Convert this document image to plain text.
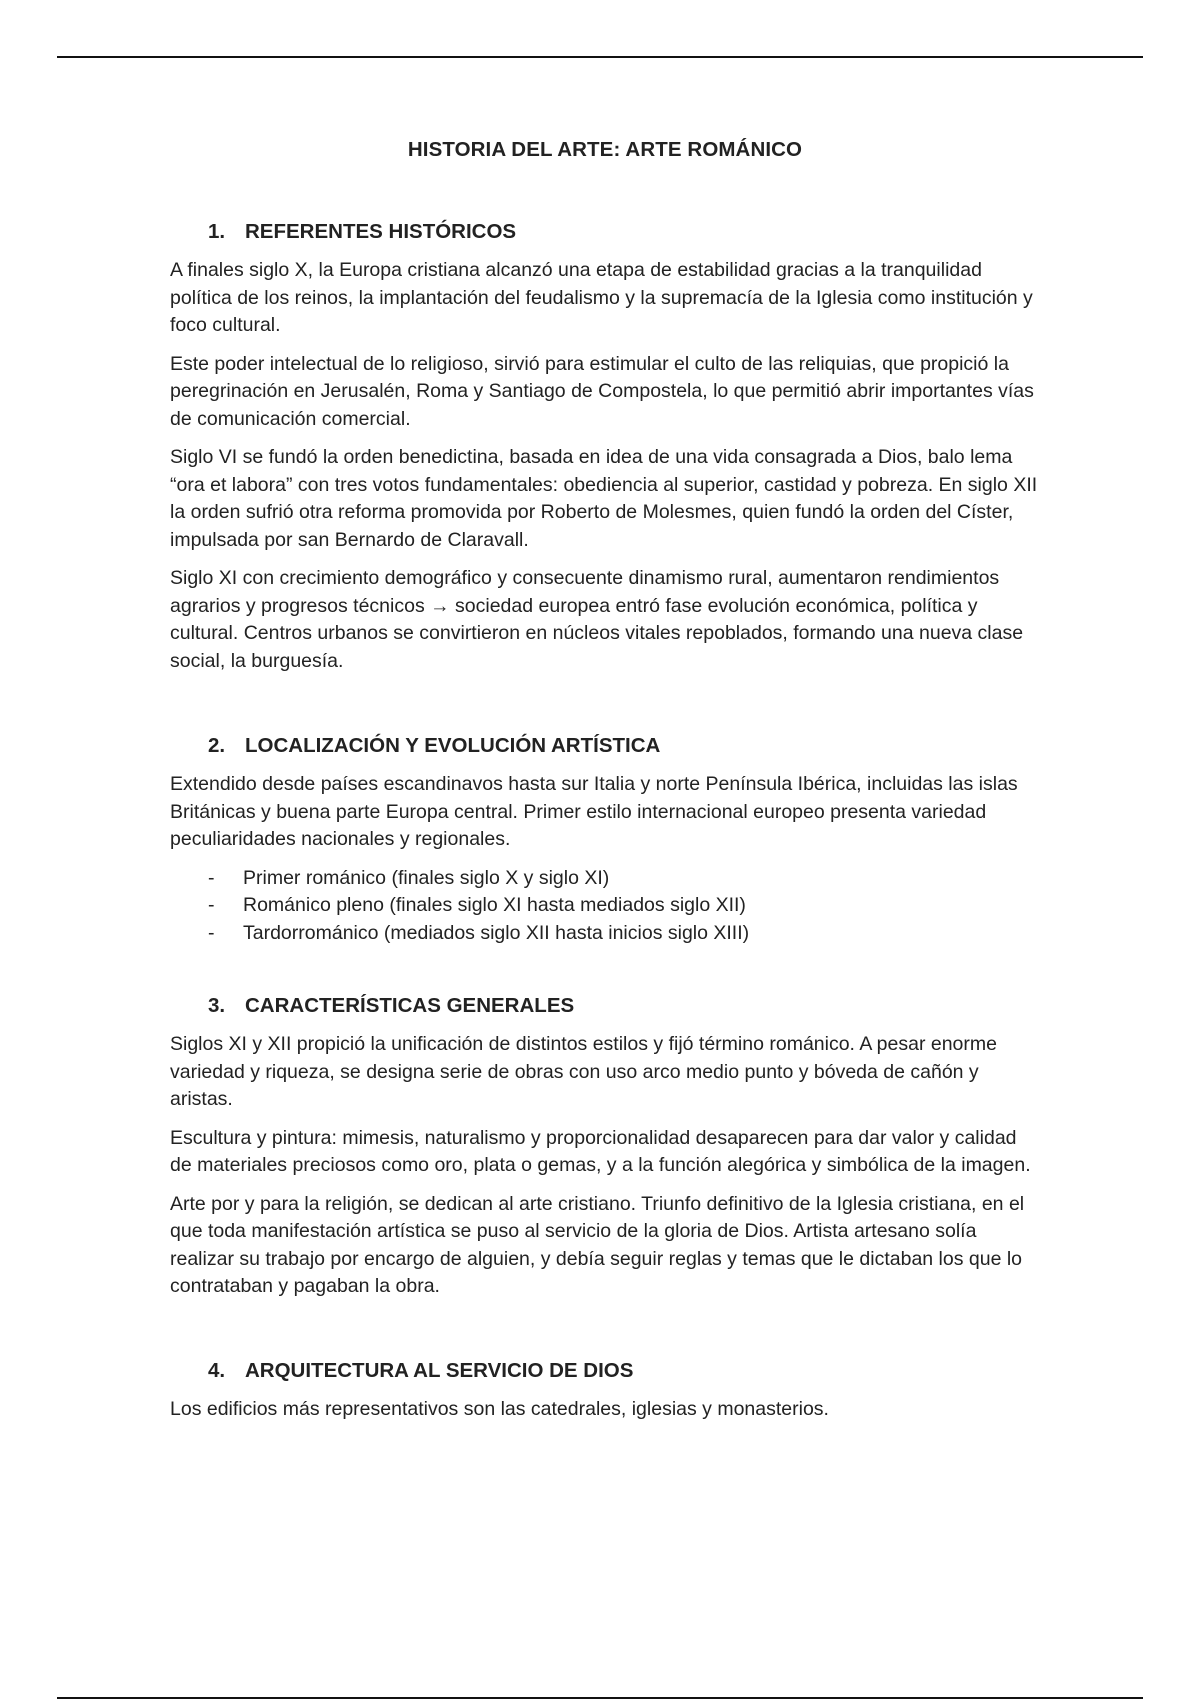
HISTORIA DEL ARTE: ARTE ROMÁNICO
1. REFERENTES HISTÓRICOS

A finales siglo X, la Europa cristiana alcanzó una etapa de estabilidad gracias a la tranquilidad política de los reinos, la implantación del feudalismo y la supremacía de la Iglesia como institución y foco cultural.

Este poder intelectual de lo religioso, sirvió para estimular el culto de las reliquias, que propició la peregrinación en Jerusalén, Roma y Santiago de Compostela, lo que permitió abrir importantes vías de comunicación comercial.

Siglo VI se fundó la orden benedictina, basada en idea de una vida consagrada a Dios, balo lema “ora et labora” con tres votos fundamentales: obediencia al superior, castidad y pobreza. En siglo XII la orden sufrió otra reforma promovida por Roberto de Molesmes, quien fundó la orden del Císter, impulsada por san Bernardo de Claravall.

Siglo XI con crecimiento demográfico y consecuente dinamismo rural, aumentaron rendimientos agrarios y progresos técnicos → sociedad europea entró fase evolución económica, política y cultural. Centros urbanos se convirtieron en núcleos vitales repoblados, formando una nueva clase social, la burguesía.

2. LOCALIZACIÓN Y EVOLUCIÓN ARTÍSTICA

Extendido desde países escandinavos hasta sur Italia y norte Península Ibérica, incluidas las islas Británicas y buena parte Europa central. Primer estilo internacional europeo presenta variedad peculiaridades nacionales y regionales.

-	Primer románico (finales siglo X y siglo XI)
-	Románico pleno (finales siglo XI hasta mediados siglo XII)
-	Tardorrománico (mediados siglo XII hasta inicios siglo XIII)
3. CARACTERÍSTICAS GENERALES

Siglos XI y XII propició la unificación de distintos estilos y fijó término románico. A pesar enorme variedad y riqueza, se designa serie de obras con uso arco medio punto y bóveda de cañón y aristas.

Escultura y pintura: mimesis, naturalismo y proporcionalidad desaparecen para dar valor y calidad de materiales preciosos como oro, plata o gemas, y a la función alegórica y simbólica de la imagen.

Arte por y para la religión, se dedican al arte cristiano. Triunfo definitivo de la Iglesia cristiana, en el que toda manifestación artística se puso al servicio de la gloria de Dios. Artista artesano solía realizar su trabajo por encargo de alguien, y debía seguir reglas y temas que le dictaban los que lo contrataban y pagaban la obra.

4. ARQUITECTURA AL SERVICIO DE DIOS

Los edificios más representativos son las catedrales, iglesias y monasterios.
